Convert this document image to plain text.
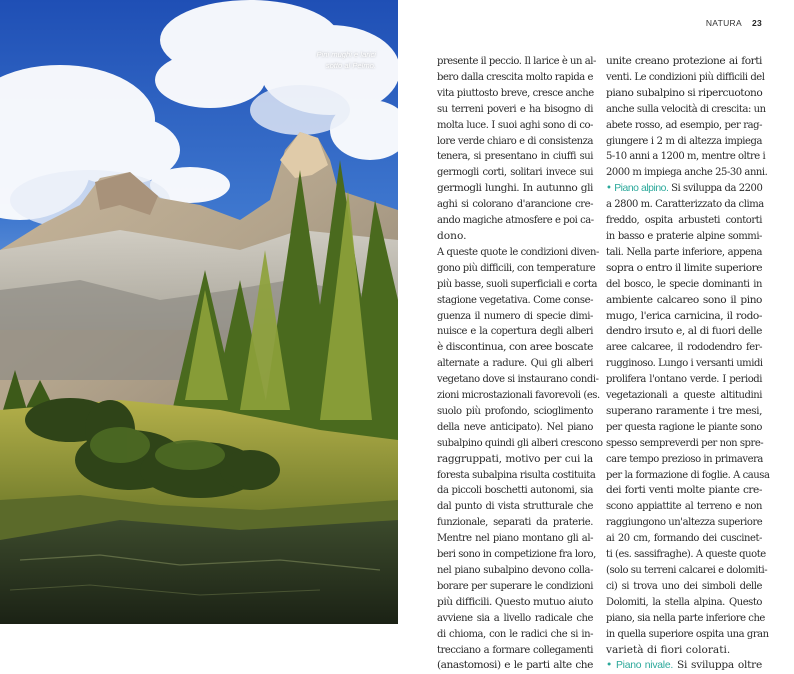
Pini mughi e larici
sotto al Pelmo.
NATURA 23

presente il peccio. Il larice è un al-

bero dalla crescita molto rapida e

vita piuttosto breve, cresce anche

su terreni poveri e ha bisogno di

molta luce. I suoi aghi sono di co-

lore verde chiaro e di consistenza

tenera, si presentano in ciuffi sui

germogli corti, solitari invece sui

germogli lunghi. In autunno gli

aghi si colorano d'arancione cre-

ando magiche atmosfere e poi ca-

dono.

A queste quote le condizioni diven-

gono più difficili, con temperature

più basse, suoli superficiali e corta

stagione vegetativa. Come conse-

guenza il numero di specie dimi-

nuisce e la copertura degli alberi

è discontinua, con aree boscate

alternate a radure. Qui gli alberi

vegetano dove si instaurano condi-

zioni microstazionali favorevoli (es.

suolo più profondo, scioglimento

della neve anticipato). Nel piano

subalpino quindi gli alberi crescono

raggruppati, motivo per cui la

foresta subalpina risulta costituita

da piccoli boschetti autonomi, sia

dal punto di vista strutturale che

funzionale, separati da praterie.

Mentre nel piano montano gli al-

beri sono in competizione fra loro,

nel piano subalpino devono colla-

borare per superare le condizioni

più difficili. Questo mutuo aiuto

avviene sia a livello radicale che

di chioma, con le radici che si in-

trecciano a formare collegamenti

(anastomosi) e le parti alte che

unite creano protezione ai forti

venti. Le condizioni più difficili del

piano subalpino si ripercuotono

anche sulla velocità di crescita: un

abete rosso, ad esempio, per rag-

giungere i 2 m di altezza impiega

5-10 anni a 1200 m, mentre oltre i

2000 m impiega anche 25-30 anni.

• Piano alpino. Si sviluppa da 2200

a 2800 m. Caratterizzato da clima

freddo, ospita arbusteti contorti

in basso e praterie alpine sommi-

tali. Nella parte inferiore, appena

sopra o entro il limite superiore

del bosco, le specie dominanti in

ambiente calcareo sono il pino

mugo, l'erica carnicina, il rodo-

dendro irsuto e, al di fuori delle

aree calcaree, il rododendro fer-

rugginoso. Lungo i versanti umidi

prolifera l'ontano verde. I periodi

vegetazionali a queste altitudini

superano raramente i tre mesi,

per questa ragione le piante sono

spesso sempreverdi per non spre-

care tempo prezioso in primavera

per la formazione di foglie. A causa

dei forti venti molte piante cre-

scono appiattite al terreno e non

raggiungono un'altezza superiore

ai 20 cm, formando dei cuscinet-

ti (es. sassifraghe). A queste quote

(solo su terreni calcarei e dolomiti-

ci) si trova uno dei simboli delle

Dolomiti, la stella alpina. Questo

piano, sia nella parte inferiore che

in quella superiore ospita una gran

varietà di fiori colorati.

• Piano nivale. Si sviluppa oltre
